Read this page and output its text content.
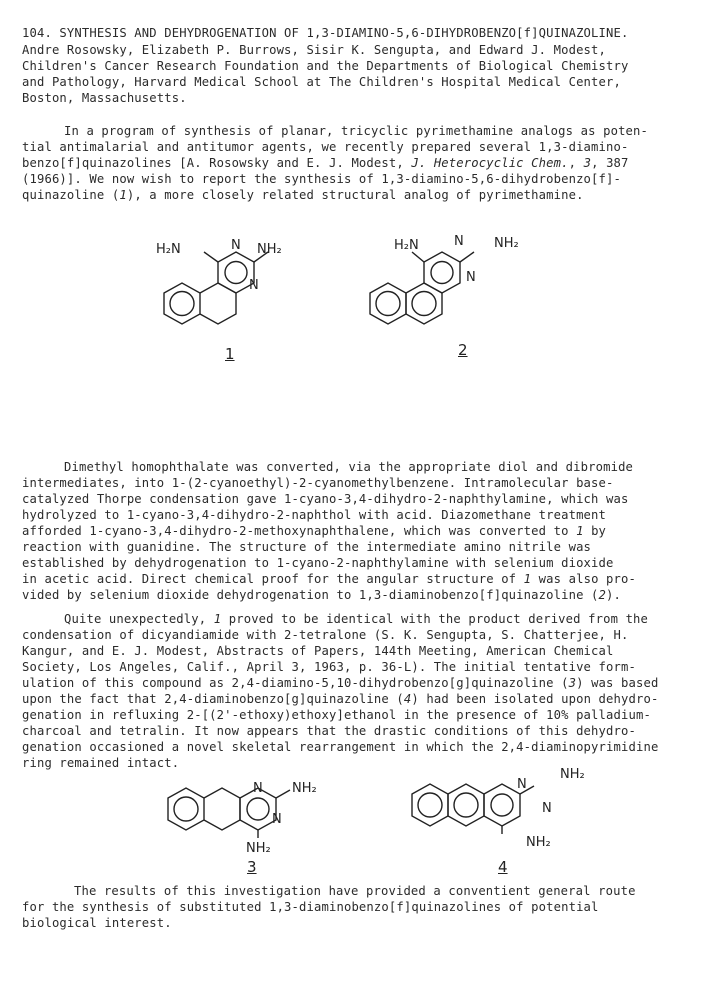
104. SYNTHESIS AND DEHYDROGENATION OF 1,3-DIAMINO-5,6-DIHYDROBENZO[f]QUINAZOLINE.
Andre Rosowsky, Elizabeth P. Burrows, Sisir K. Sengupta, and Edward J. Modest,
Children's Cancer Research Foundation and the Departments of Biological Chemistry
and Pathology, Harvard Medical School at The Children's Hospital Medical Center,
Boston, Massachusetts.
In a program of synthesis of planar, tricyclic pyrimethamine analogs as poten-
tial antimalarial and antitumor agents, we recently prepared several 1,3-diamino-
benzo[f]quinazolines [A. Rosowsky and E. J. Modest, J. Heterocyclic Chem., 3, 387
(1966)]. We now wish to report the synthesis of 1,3-diamino-5,6-dihydrobenzo[f]-
quinazoline (1), a more closely related structural analog of pyrimethamine.
H₂N	N NH₂
N
1
H₂N	N NH₂
N
2
Dimethyl homophthalate was converted, via the appropriate diol and dibromide
intermediates, into 1-(2-cyanoethyl)-2-cyanomethylbenzene. Intramolecular base-
catalyzed Thorpe condensation gave 1-cyano-3,4-dihydro-2-naphthylamine, which was
hydrolyzed to 1-cyano-3,4-dihydro-2-naphthol with acid. Diazomethane treatment
afforded 1-cyano-3,4-dihydro-2-methoxynaphthalene, which was converted to 1 by
reaction with guanidine. The structure of the intermediate amino nitrile was
established by dehydrogenation to 1-cyano-2-naphthylamine with selenium dioxide
in acetic acid. Direct chemical proof for the angular structure of 1 was also pro-
vided by selenium dioxide dehydrogenation to 1,3-diaminobenzo[f]quinazoline (2).
Quite unexpectedly, 1 proved to be identical with the product derived from the
condensation of dicyandiamide with 2-tetralone (S. K. Sengupta, S. Chatterjee, H.
Kangur, and E. J. Modest, Abstracts of Papers, 144th Meeting, American Chemical
Society, Los Angeles, Calif., April 3, 1963, p. 36-L). The initial tentative form-
ulation of this compound as 2,4-diamino-5,10-dihydrobenzo[g]quinazoline (3) was based
upon the fact that 2,4-diaminobenzo[g]quinazoline (4) had been isolated upon dehydro-
genation in refluxing 2-[(2'-ethoxy)ethoxy]ethanol in the presence of 10% palladium-
charcoal and tetralin. It now appears that the drastic conditions of this dehydro-
genation occasioned a novel skeletal rearrangement in which the 2,4-diaminopyrimidine
ring remained intact.
N NH₂
N
NH₂
3
N
NH₂
N
NH₂
4
The results of this investigation have provided a conventient general route
for the synthesis of substituted 1,3-diaminobenzo[f]quinazolines of potential
biological interest.
